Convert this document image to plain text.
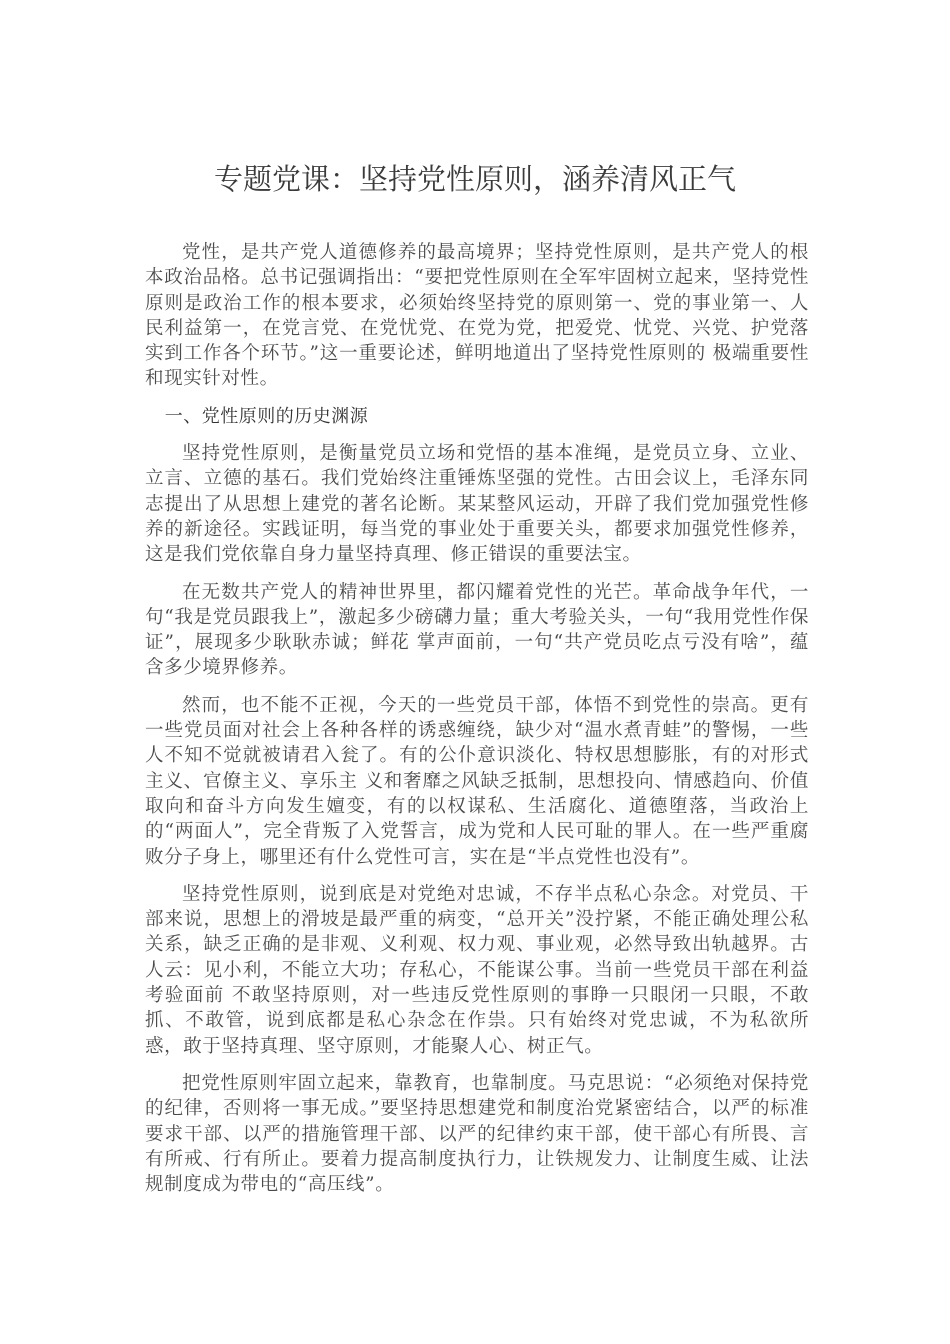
专题党课：坚持党性原则，涵养清风正气

党性，是共产党人道德修养的最高境界；坚持党性原则，是共产党人的根本政治品格。总书记强调指出：“要把党性原则在全军牢固树立起来，坚持党性原则是政治工作的根本要求，必须始终坚持党的原则第一、党的事业第一、人民利益第一，在党言党、在党忧党、在党为党，把爱党、忧党、兴党、护党落实到工作各个环节。”这一重要论述，鲜明地道出了坚持党性原则的 极端重要性和现实针对性。

一、党性原则的历史渊源

坚持党性原则，是衡量党员立场和党悟的基本准绳，是党员立身、立业、立言、立德的基石。我们党始终注重锤炼坚强的党性。古田会议上，毛泽东同志提出了从思想上建党的著名论断。某某整风运动，开辟了我们党加强党性修养的新途径。实践证明，每当党的事业处于重要关头，都要求加强党性修养，这是我们党依靠自身力量坚持真理、修正错误的重要法宝。

在无数共产党人的精神世界里，都闪耀着党性的光芒。革命战争年代，一句“我是党员跟我上”，激起多少磅礴力量；重大考验关头，一句“我用党性作保证”，展现多少耿耿赤诚；鲜花 掌声面前，一句“共产党员吃点亏没有啥”，蕴含多少境界修养。

然而，也不能不正视，今天的一些党员干部，体悟不到党性的崇高。更有一些党员面对社会上各种各样的诱惑缠绕，缺少对“温水煮青蛙”的警惕，一些人不知不觉就被请君入瓮了。有的公仆意识淡化、特权思想膨胀，有的对形式主义、官僚主义、享乐主 义和奢靡之风缺乏抵制，思想投向、情感趋向、价值取向和奋斗方向发生嬗变，有的以权谋私、生活腐化、道德堕落，当政治上的“两面人”，完全背叛了入党誓言，成为党和人民可耻的罪人。在一些严重腐败分子身上，哪里还有什么党性可言，实在是“半点党性也没有”。

坚持党性原则，说到底是对党绝对忠诚，不存半点私心杂念。对党员、干部来说，思想上的滑坡是最严重的病变，“总开关”没拧紧，不能正确处理公私关系，缺乏正确的是非观、义利观、权力观、事业观，必然导致出轨越界。古人云：见小利，不能立大功；存私心，不能谋公事。当前一些党员干部在利益考验面前 不敢坚持原则，对一些违反党性原则的事睁一只眼闭一只眼，不敢抓、不敢管，说到底都是私心杂念在作祟。只有始终对党忠诚，不为私欲所惑，敢于坚持真理、坚守原则，才能聚人心、树正气。

把党性原则牢固立起来，靠教育，也靠制度。马克思说：“必须绝对保持党的纪律，否则将一事无成。”要坚持思想建党和制度治党紧密结合，以严的标准要求干部、以严的措施管理干部、以严的纪律约束干部，使干部心有所畏、言有所戒、行有所止。要着力提高制度执行力，让铁规发力、让制度生威、让法规制度成为带电的“高压线”。
